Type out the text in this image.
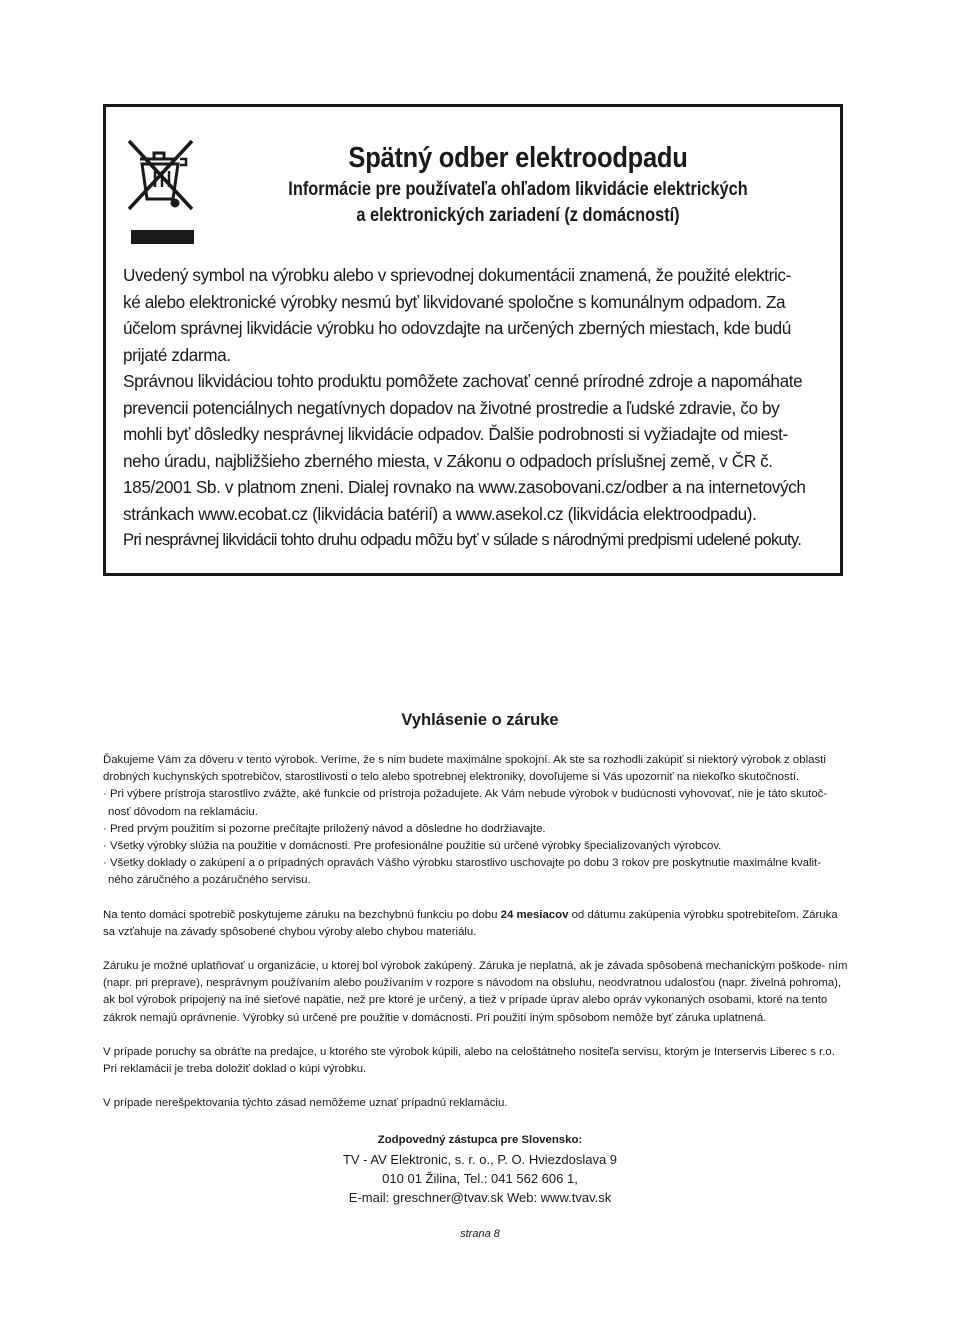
Spätný odber elektroodpadu
Informácie pre používateľa ohľadom likvidácie elektrických
a elektronických zariadení (z domácností)

Uvedený symbol na výrobku alebo v sprievodnej dokumentácii znamená, že použité elektric-
ké alebo elektronické výrobky nesmú byť likvidované spoločne s komunálnym odpadom. Za
účelom správnej likvidácie výrobku ho odovzdajte na určených zberných miestach, kde budú
prijaté zdarma.

Správnou likvidáciou tohto produktu pomôžete zachovať cenné prírodné zdroje a napomáhate
prevencii potenciálnych negatívnych dopadov na životné prostredie a ľudské zdravie, čo by
mohli byť dôsledky nesprávnej likvidácie odpadov. Ďalšie podrobnosti si vyžiadajte od miest-
neho úradu, najbližšieho zberného miesta, v Zákonu o odpadoch príslušnej země, v ČR č.
185/2001 Sb. v platnom zneni. Dialej rovnako na www.zasobovani.cz/odber a na internetových
stránkach www.ecobat.cz (likvidácia batérií) a www.asekol.cz (likvidácia elektroodpadu).

Pri nesprávnej likvidácii tohto druhu odpadu môžu byť v súlade s národnými predpismi udelené pokuty.

Vyhlásenie o záruke

Ďakujeme Vám za dôveru v tento výrobok. Veríme, že s nim budete maximálne spokojní. Ak ste sa rozhodli zakúpiť si niektorý výrobok z oblasti
drobných kuchynských spotrebičov, starostlivosti o telo alebo spotrebnej elektroniky, dovoľujeme si Vás upozorniť na niekoľko skutočností.

· Pri výbere prístroja starostlivo zvážte, aké funkcie od prístroja požadujete. Ak Vám nebude výrobok v budúcnosti vyhovovať, nie je táto skutoč- nosť dôvodom na reklamáciu.

· Pred prvým použitím si pozorne prečítajte priložený návod a dôsledne ho dodržiavajte.

· Všetky výrobky slúžia na použitie v domácnosti. Pre profesionálne použitie sú určené výrobky špecializovaných výrobcov.

· Všetky doklady o zakúpení a o prípadných opravách Vášho výrobku starostlivo uschovajte po dobu 3 rokov pre poskytnutie maximálne kvalit- ného záručného a pozáručného servisu.

Na tento domáci spotrebič poskytujeme záruku na bezchybnú funkciu po dobu 24 mesiacov od dátumu zakúpenia výrobku spotrebiteľom. Záruka sa vzťahuje na závady spôsobené chybou výroby alebo chybou materiálu.

Záruku je možné uplatňovať u organizácie, u ktorej bol výrobok zakúpený. Záruka je neplatná, ak je závada spôsobená mechanickým poškode- ním (napr. pri preprave), nesprávnym používaním alebo používaním v rozpore s návodom na obsluhu, neodvratnou udalosťou (napr. živelná pohroma), ak bol výrobok pripojený na iné sieťové napätie, než pre ktoré je určený, a tiež v prípade úprav alebo opráv vykonaných osobami, ktoré na tento zákrok nemajú oprávnenie. Výrobky sú určené pre použitie v domácnosti. Pri použití iným spôsobom nemôže byť záruka uplatnená.

V prípade poruchy sa obráťte na predajce, u ktorého ste výrobok kúpili, alebo na celoštátneho nositeľa servisu, ktorým je Interservis Liberec s r.o.
Pri reklamácii je treba doložiť doklad o kúpi výrobku.

V prípade nerešpektovania týchto zásad nemôžeme uznať prípadnú reklamáciu.

Zodpovedný zástupca pre Slovensko:
TV - AV Elektronic, s. r. o., P. O. Hviezdoslava 9
010 01 Žilina, Tel.: 041 562 606 1,
E-mail: greschner@tvav.sk Web: www.tvav.sk
strana 8
